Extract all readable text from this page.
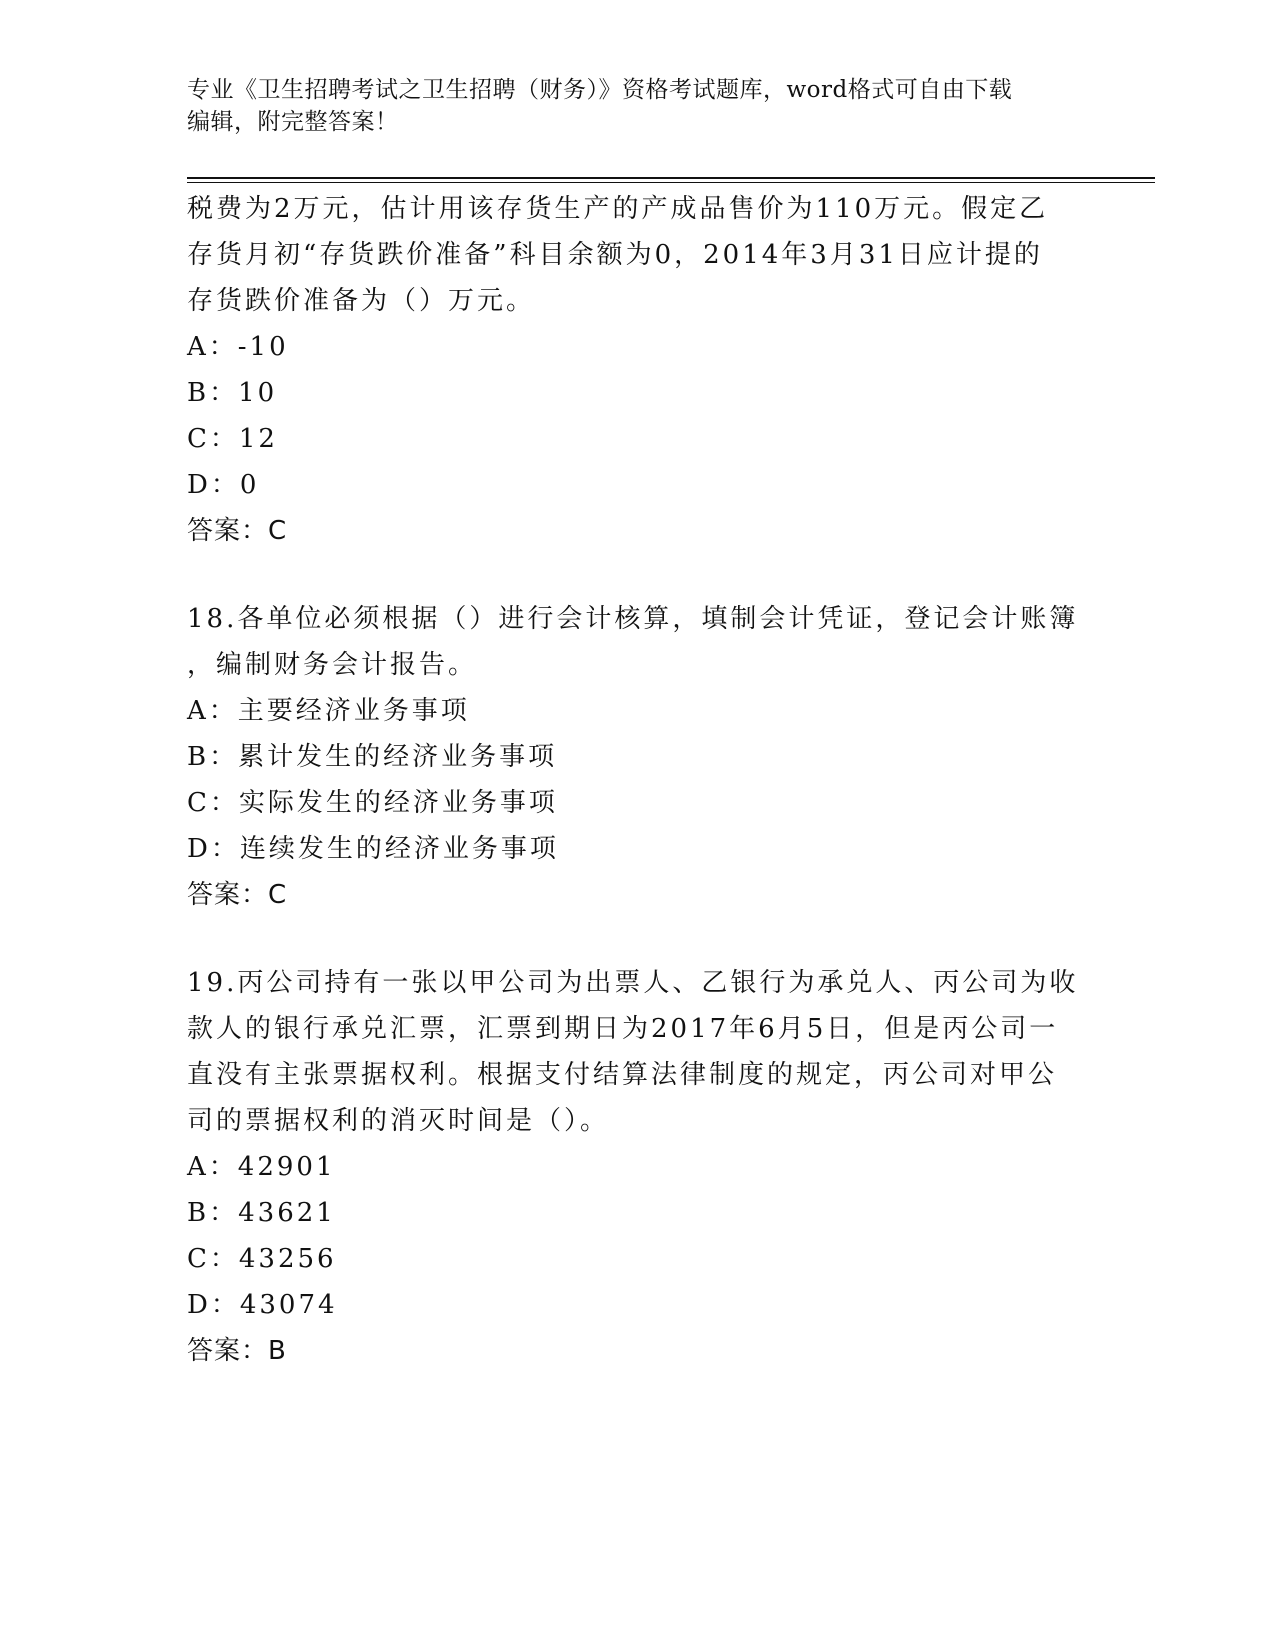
专业《卫生招聘考试之卫生招聘（财务）》资格考试题库，word格式可自由下载
编辑，附完整答案！
税费为2万元，估计用该存货生产的产成品售价为110万元。假定乙
存货月初“存货跌价准备”科目余额为0，2014年3月31日应计提的
存货跌价准备为（）万元。
A：-10
B：10
C：12
D：0
答案：C
18.各单位必须根据（）进行会计核算，填制会计凭证，登记会计账簿
，编制财务会计报告。
A：主要经济业务事项
B：累计发生的经济业务事项
C：实际发生的经济业务事项
D：连续发生的经济业务事项
答案：C
19.丙公司持有一张以甲公司为出票人、乙银行为承兑人、丙公司为收
款人的银行承兑汇票，汇票到期日为2017年6月5日，但是丙公司一
直没有主张票据权利。根据支付结算法律制度的规定，丙公司对甲公
司的票据权利的消灭时间是（）。
A：42901
B：43621
C：43256
D：43074
答案：B
